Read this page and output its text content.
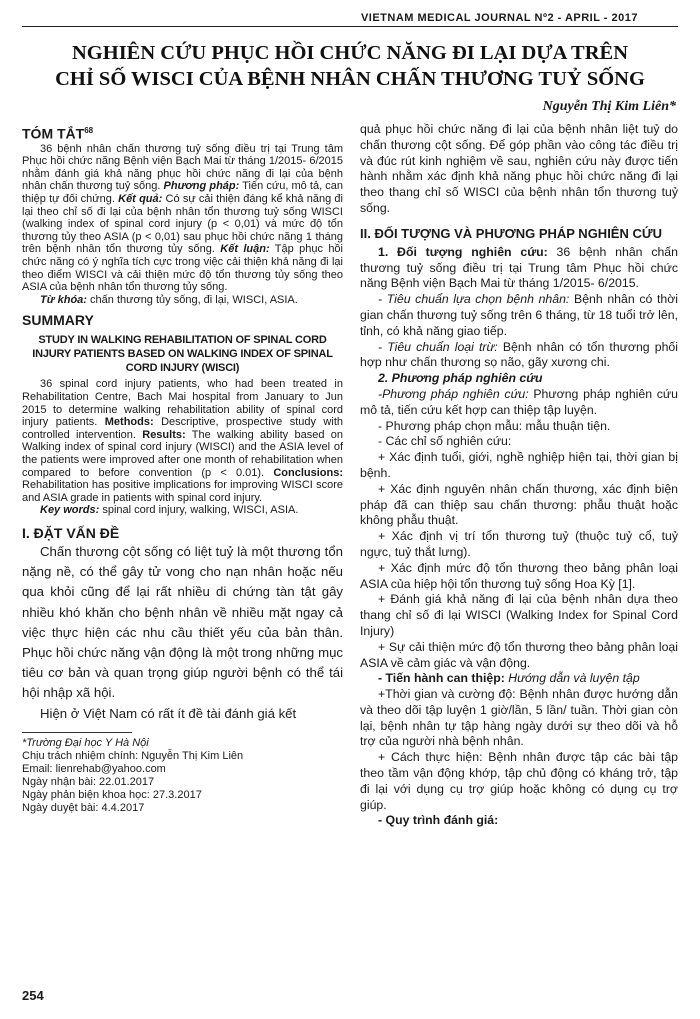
VIETNAM MEDICAL JOURNAL Nº2 - APRIL - 2017
NGHIÊN CỨU PHỤC HỒI CHỨC NĂNG ĐI LẠI DỰA TRÊN
CHỈ SỐ WISCI CỦA BỆNH NHÂN CHẤN THƯƠNG TUỶ SỐNG
Nguyễn Thị Kim Liên*
TÓM TẮT$^{68}$

36 bệnh nhân chấn thương tuỷ sống điều trị tại Trung tâm Phục hồi chức năng Bệnh viện Bạch Mai từ tháng 1/2015- 6/2015 nhằm đánh giá khả năng phục hồi chức năng đi lại của bệnh nhân chấn thương tuỷ sống. Phương pháp: Tiến cứu, mô tả, can thiệp tự đối chứng. Kết quả: Có sự cải thiện đáng kể khả năng đi lại theo chỉ số đi lại của bệnh nhân tổn thương tuỷ sống WISCI (walking index of spinal cord injury (p < 0,01) và mức độ tổn thương tủy theo ASIA (p < 0,01) sau phục hồi chức năng 1 tháng trên bệnh nhân tổn thương tủy sống. Kết luận: Tập phục hồi chức năng có ý nghĩa tích cực trong việc cải thiện khả năng đi lại theo điểm WISCI và cải thiện mức độ tổn thương tủy sống theo ASIA của bệnh nhân tổn thương tủy sống.

Từ khóa: chấn thương tủy sống, đi lại, WISCI, ASIA.

SUMMARY
STUDY IN WALKING REHABILITATION OF SPINAL CORD INJURY PATIENTS BASED ON WALKING INDEX OF SPINAL CORD INJURY (WISCI)

36 spinal cord injury patients, who had been treated in Rehabilitation Centre, Bach Mai hospital from January to Jun 2015 to determine walking rehabilitation ability of spinal cord injury patients. Methods: Descriptive, prospective study with controlled intervention. Results: The walking ability based on Walking index of spinal cord injury (WISCI) and the ASIA level of the patients were improved after one month of rehabilitation when compared to before convention (p < 0.01). Conclusions: Rehabilitation has positive implications for improving WISCI score and ASIA grade in patients with spinal cord injury.

Key words: spinal cord injury, walking, WISCI, ASIA.

I. ĐẶT VẤN ĐỀ

Chấn thương cột sống có liệt tuỷ là một thương tổn nặng nề, có thể gây tử vong cho nạn nhân hoặc nếu qua khỏi cũng để lại rất nhiều di chứng tàn tật gây nhiều khó khăn cho bệnh nhân về nhiều mặt ngay cả việc thực hiện các nhu cầu thiết yếu của bản thân. Phục hồi chức năng vận động là một trong những mục tiêu cơ bản và quan trọng giúp người bệnh có thể tái hội nhập xã hội.

Hiện ở Việt Nam có rất ít đề tài đánh giá kết

*Trường Đại học Y Hà Nội
Chịu trách nhiệm chính: Nguyễn Thị Kim Liên
Email: lienrehab@yahoo.com
Ngày nhận bài: 22.01.2017
Ngày phản biện khoa học: 27.3.2017
Ngày duyệt bài: 4.4.2017

quả phục hồi chức năng đi lại của bệnh nhân liệt tuỷ do chấn thương cột sống. Để góp phần vào công tác điều trị và đúc rút kinh nghiệm về sau, nghiên cứu này được tiến hành nhằm xác định khả năng phục hồi chức năng đi lại theo thang chỉ số WISCI của bệnh nhân tổn thương tuỷ sống.

II. ĐỐI TƯỢNG VÀ PHƯƠNG PHÁP NGHIÊN CỨU

1. Đối tượng nghiên cứu: 36 bệnh nhân chấn thương tuỷ sống điều trị tại Trung tâm Phục hồi chức năng Bệnh viện Bạch Mai từ tháng 1/2015- 6/2015.

- Tiêu chuẩn lựa chọn bệnh nhân: Bệnh nhân có thời gian chấn thương tuỷ sống trên 6 tháng, từ 18 tuổi trở lên, tỉnh, có khả năng giao tiếp.

- Tiêu chuẩn loại trừ: Bệnh nhân có tổn thương phối hợp như chấn thương sọ não, gãy xương chi.

2. Phương pháp nghiên cứu

-Phương pháp nghiên cứu: Phương pháp nghiên cứu mô tả, tiến cứu kết hợp can thiệp tập luyện.

- Phương pháp chọn mẫu: mẫu thuận tiện.

- Các chỉ số nghiên cứu:

+ Xác định tuổi, giới, nghề nghiệp hiện tại, thời gian bị bệnh.

+ Xác định nguyên nhân chấn thương, xác định biện pháp đã can thiệp sau chấn thương: phẫu thuật hoặc không phẫu thuật.

+ Xác định vị trí tổn thương tuỷ (thuộc tuỷ cổ, tuỷ ngực, tuỷ thắt lưng).

+ Xác định mức độ tổn thương theo bảng phân loại ASIA của hiệp hội tổn thương tuỷ sống Hoa Kỳ [1].

+ Đánh giá khả năng đi lại của bệnh nhân dựa theo thang chỉ số đi lại WISCI (Walking Index for Spinal Cord Injury)

+ Sự cải thiện mức độ tổn thương theo bảng phân loại ASIA về cảm giác và vận động.

- Tiến hành can thiệp: Hướng dẫn và luyện tập

+Thời gian và cường độ: Bệnh nhân được hướng dẫn và theo dõi tập luyện 1 giờ/lần, 5 lần/ tuần. Thời gian còn lại, bệnh nhân tự tập hàng ngày dưới sự theo dõi và hỗ trợ của người nhà bệnh nhân.

+ Cách thực hiện: Bệnh nhân được tập các bài tập theo tầm vận động khớp, tập chủ động có kháng trở, tập đi lại với dụng cụ trợ giúp hoặc không có dụng cụ trợ giúp.

- Quy trình đánh giá:

254
